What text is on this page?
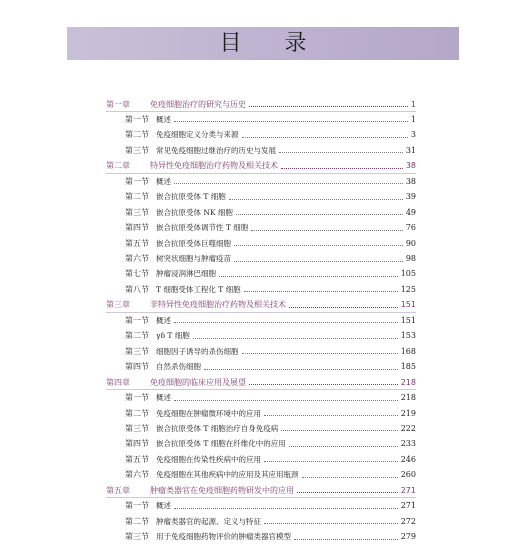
目 录
第一章	免疫细胞治疗的研究与历史	1
第一节 概述	1
第二节 免疫细胞定义分类与来源	3
第三节 常见免疫细胞过继治疗的历史与发展	31
第二章	特异性免疫细胞治疗药物及相关技术	38
第一节 概述	38
第二节 嵌合抗原受体 T 细胞	39
第三节 嵌合抗原受体 NK 细胞	49
第四节 嵌合抗原受体调节性 T 细胞	76
第五节 嵌合抗原受体巨噬细胞	90
第六节 树突状细胞与肿瘤疫苗	98
第七节 肿瘤浸润淋巴细胞	105
第八节 T 细胞受体工程化 T 细胞	125
第三章	非特异性免疫细胞治疗药物及相关技术	151
第一节 概述	151
第二节 γδ T 细胞	153
第三节 细胞因子诱导的杀伤细胞	168
第四节 自然杀伤细胞	185
第四章	免疫细胞的临床应用及展望	218
第一节 概述	218
第二节 免疫细胞在肿瘤微环境中的应用	219
第三节 嵌合抗原受体 T 细胞治疗自身免疫病	222
第四节 嵌合抗原受体 T 细胞在纤维化中的应用	233
第五节 免疫细胞在传染性疾病中的应用	246
第六节 免疫细胞在其他疾病中的应用及其应用瓶颈	260
第五章	肿瘤类器官在免疫细胞药物研发中的应用	271
第一节 概述	271
第二节 肿瘤类器官的起源、定义与特征	272
第三节 用于免疫细胞药物评价的肿瘤类器官模型	279
